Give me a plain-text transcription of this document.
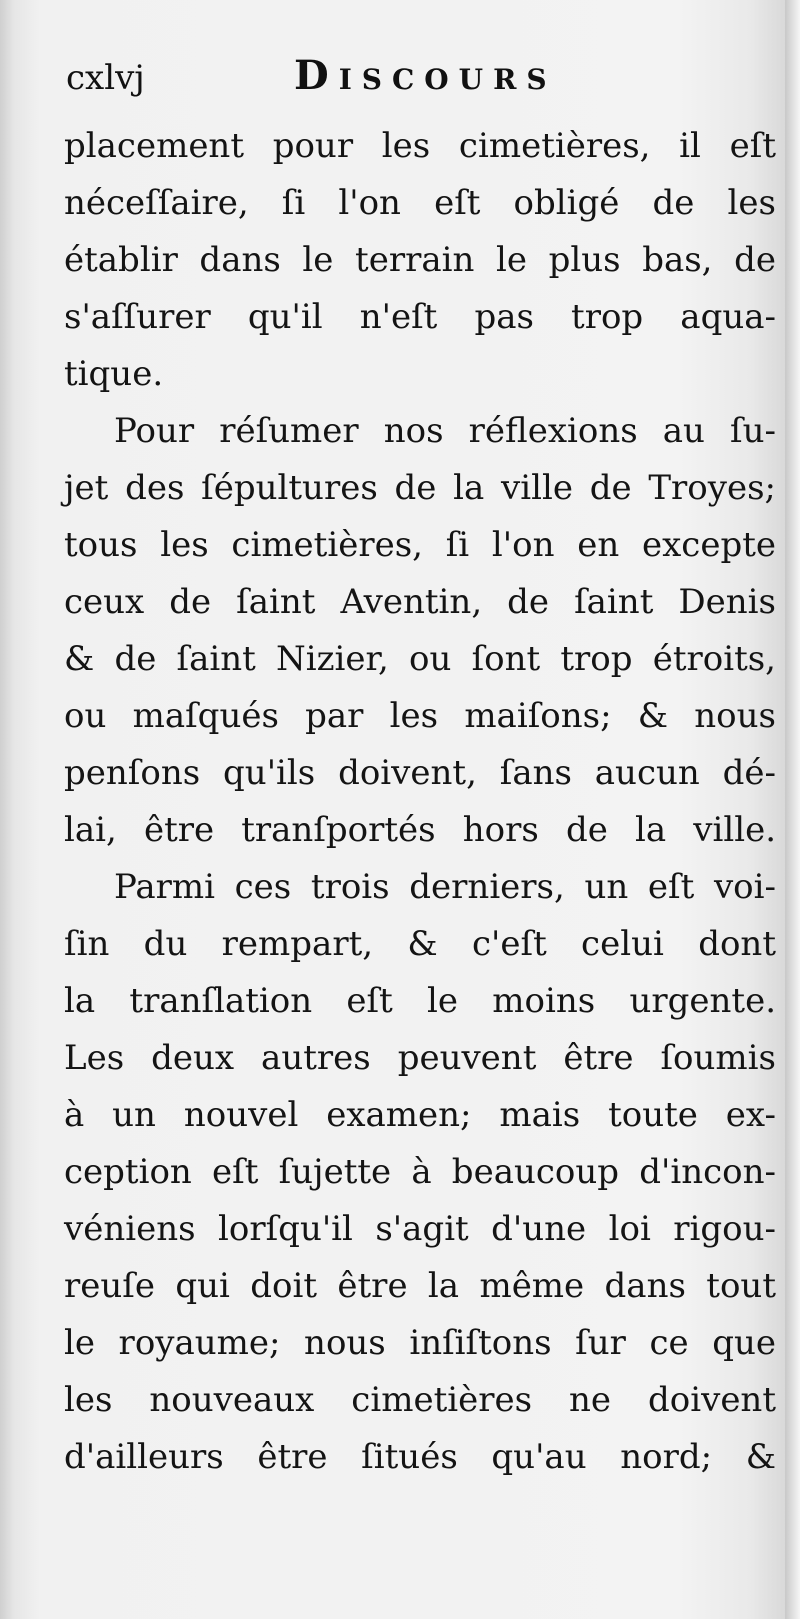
cxlvj	Discours
placement pour les cimetières, il eſt
néceſſaire, ſi l'on eſt obligé de les
établir dans le terrain le plus bas, de
s'aſſurer qu'il n'eſt pas trop aqua-
tique.
Pour réſumer nos réflexions au ſu-
jet des ſépultures de la ville de Troyes;
tous les cimetières, ſi l'on en excepte
ceux de ſaint Aventin, de ſaint Denis
& de ſaint Nizier, ou ſont trop étroits,
ou maſqués par les maiſons; & nous
penſons qu'ils doivent, ſans aucun dé-
lai, être tranſportés hors de la ville.
Parmi ces trois derniers, un eſt voi-
ſin du rempart, & c'eſt celui dont
la tranſlation eſt le moins urgente.
Les deux autres peuvent être ſoumis
à un nouvel examen; mais toute ex-
ception eſt ſujette à beaucoup d'incon-
véniens lorſqu'il s'agit d'une loi rigou-
reuſe qui doit être la même dans tout
le royaume; nous inſiſtons ſur ce que
les nouveaux cimetières ne doivent
d'ailleurs être ſitués qu'au nord; &
